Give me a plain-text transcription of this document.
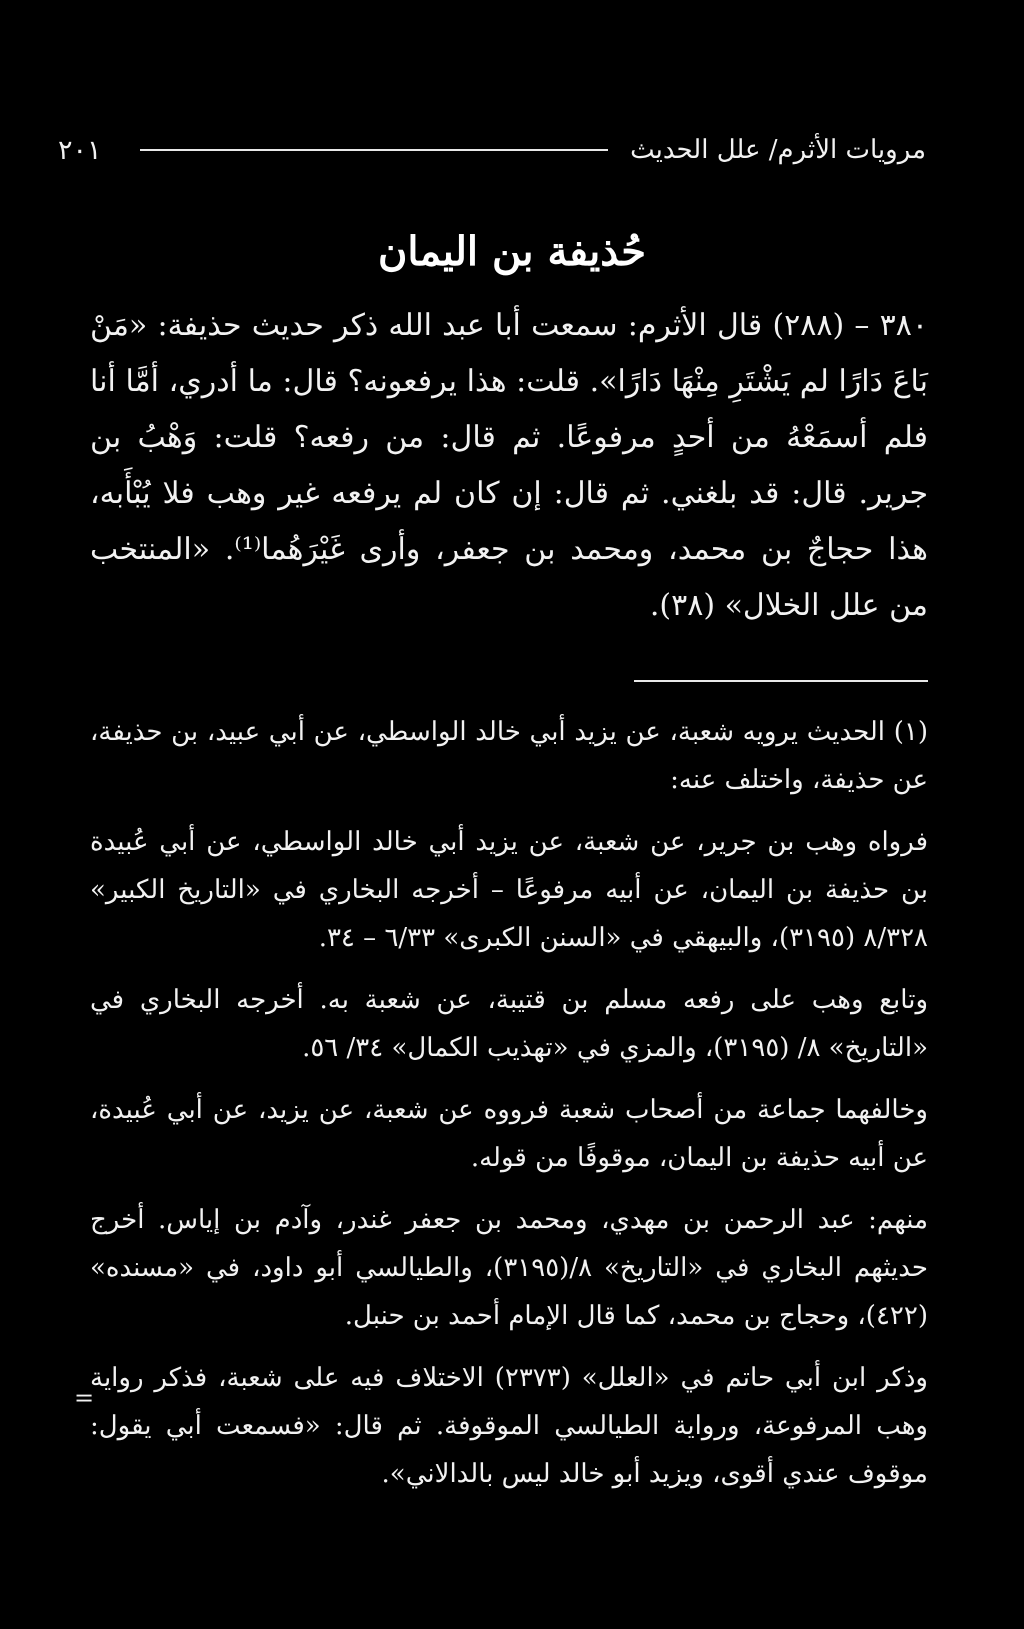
٢٠١	مرويات الأثرم/ علل الحديث
حُذيفة بن اليمان

٣٨٠ – (٢٨٨) قال الأثرم: سمعت أبا عبد الله ذكر حديث حذيفة: «مَنْ بَاعَ دَارًا لم يَشْتَرِ مِنْهَا دَارًا». قلت: هذا يرفعونه؟ قال: ما أدري، أمَّا أنا فلم أسمَعْهُ من أحدٍ مرفوعًا. ثم قال: من رفعه؟ قلت: وَهْبُ بن جرير. قال: قد بلغني. ثم قال: إن كان لم يرفعه غير وهب فلا يُبْأَبه، هذا حجاجٌ بن محمد، ومحمد بن جعفر، وأرى غَيْرَهُما⁽¹⁾. «المنتخب من علل الخلال» (٣٨).

(١) الحديث يرويه شعبة، عن يزيد أبي خالد الواسطي، عن أبي عبيد، بن حذيفة، عن حذيفة، واختلف عنه:

فرواه وهب بن جرير، عن شعبة، عن يزيد أبي خالد الواسطي، عن أبي عُبيدة بن حذيفة بن اليمان، عن أبيه مرفوعًا – أخرجه البخاري في «التاريخ الكبير» ٨/٣٢٨ (٣١٩٥)، والبيهقي في «السنن الكبرى» ٦/٣٣ – ٣٤.

وتابع وهب على رفعه مسلم بن قتيبة، عن شعبة به. أخرجه البخاري في «التاريخ» ٨/ (٣١٩٥)، والمزي في «تهذيب الكمال» ٣٤/ ٥٦.

وخالفهما جماعة من أصحاب شعبة فرووه عن شعبة، عن يزيد، عن أبي عُبيدة، عن أبيه حذيفة بن اليمان، موقوفًا من قوله.

منهم: عبد الرحمن بن مهدي، ومحمد بن جعفر غندر، وآدم بن إياس. أخرج حديثهم البخاري في «التاريخ» ٨/(٣١٩٥)، والطيالسي أبو داود، في «مسنده» (٤٢٢)، وحجاج بن محمد، كما قال الإمام أحمد بن حنبل.

وذكر ابن أبي حاتم في «العلل» (٢٣٧٣) الاختلاف فيه على شعبة، فذكر رواية وهب المرفوعة، ورواية الطيالسي الموقوفة. ثم قال: «فسمعت أبي يقول: موقوف عندي أقوى، ويزيد أبو خالد ليس بالدالاني».

=
